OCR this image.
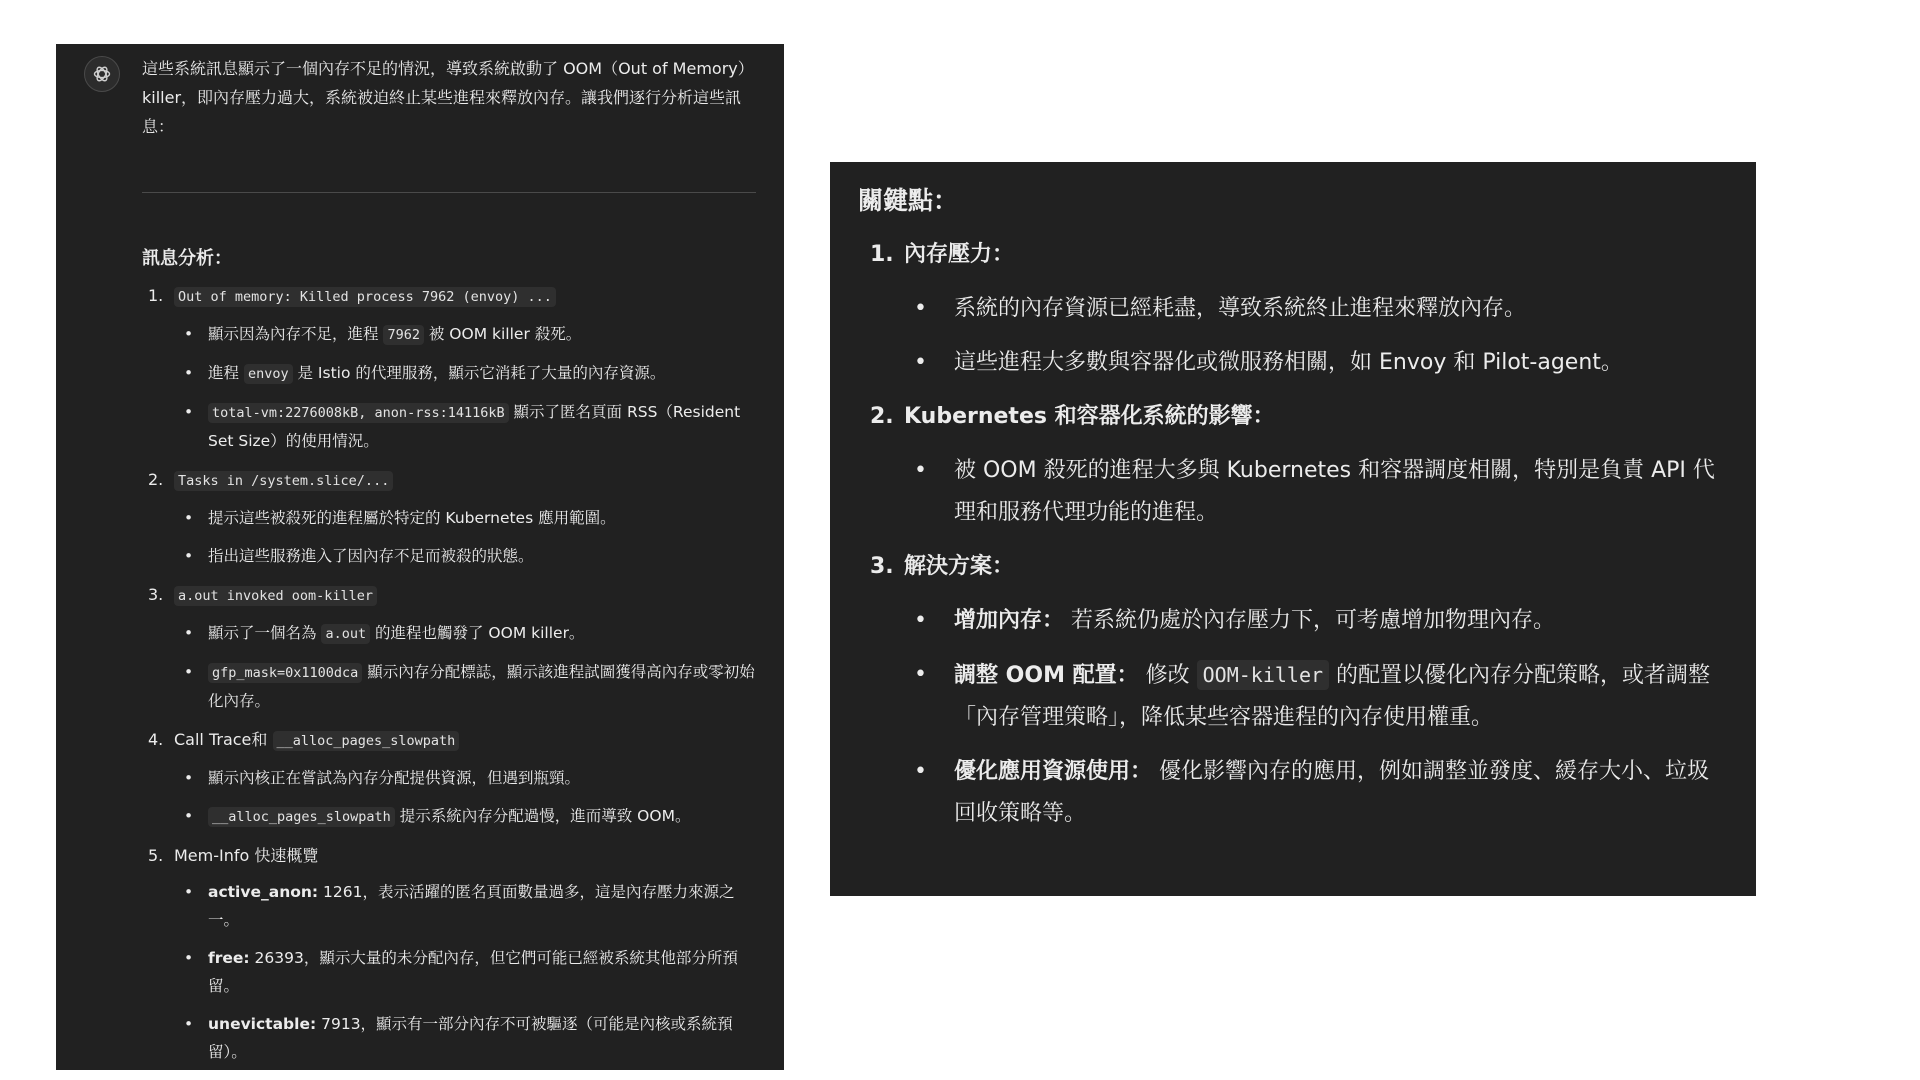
這些系統訊息顯示了一個內存不足的情況，導致系統啟動了 OOM（Out of Memory）killer，即內存壓力過大，系統被迫終止某些進程來釋放內存。讓我們逐行分析這些訊息：

訊息分析：
1. Out of memory: Killed process 7962 (envoy) ...
• 顯示因為內存不足，進程 7962 被 OOM killer 殺死。
• 進程 envoy 是 Istio 的代理服務，顯示它消耗了大量的內存資源。
• total-vm:2276008kB, anon-rss:14116kB 顯示了匿名頁面 RSS（Resident Set Size）的使用情況。
2. Tasks in /system.slice/...
• 提示這些被殺死的進程屬於特定的 Kubernetes 應用範圍。
• 指出這些服務進入了因內存不足而被殺的狀態。
3. a.out invoked oom-killer
• 顯示了一個名為 a.out 的進程也觸發了 OOM killer。
• gfp_mask=0x1100dca 顯示內存分配標誌，顯示該進程試圖獲得高內存或零初始化內存。
4. Call Trace和 __alloc_pages_slowpath
• 顯示內核正在嘗試為內存分配提供資源，但遇到瓶頸。
• __alloc_pages_slowpath 提示系統內存分配過慢，進而導致 OOM。
5. Mem-Info 快速概覽
• active_anon: 1261，表示活躍的匿名頁面數量過多，這是內存壓力來源之一。
• free: 26393，顯示大量的未分配內存，但它們可能已經被系統其他部分所預留。
• unevictable: 7913，顯示有一部分內存不可被驅逐（可能是內核或系統預留）。
關鍵點：
1. 內存壓力：
• 系統的內存資源已經耗盡，導致系統終止進程來釋放內存。
• 這些進程大多數與容器化或微服務相關，如 Envoy 和 Pilot-agent。
2. Kubernetes 和容器化系統的影響：
• 被 OOM 殺死的進程大多與 Kubernetes 和容器調度相關，特別是負責 API 代理和服務代理功能的進程。
3. 解決方案：
• 增加內存： 若系統仍處於內存壓力下，可考慮增加物理內存。
• 調整 OOM 配置： 修改 OOM-killer 的配置以優化內存分配策略，或者調整「內存管理策略」，降低某些容器進程的內存使用權重。
• 優化應用資源使用： 優化影響內存的應用，例如調整並發度、緩存大小、垃圾回收策略等。
